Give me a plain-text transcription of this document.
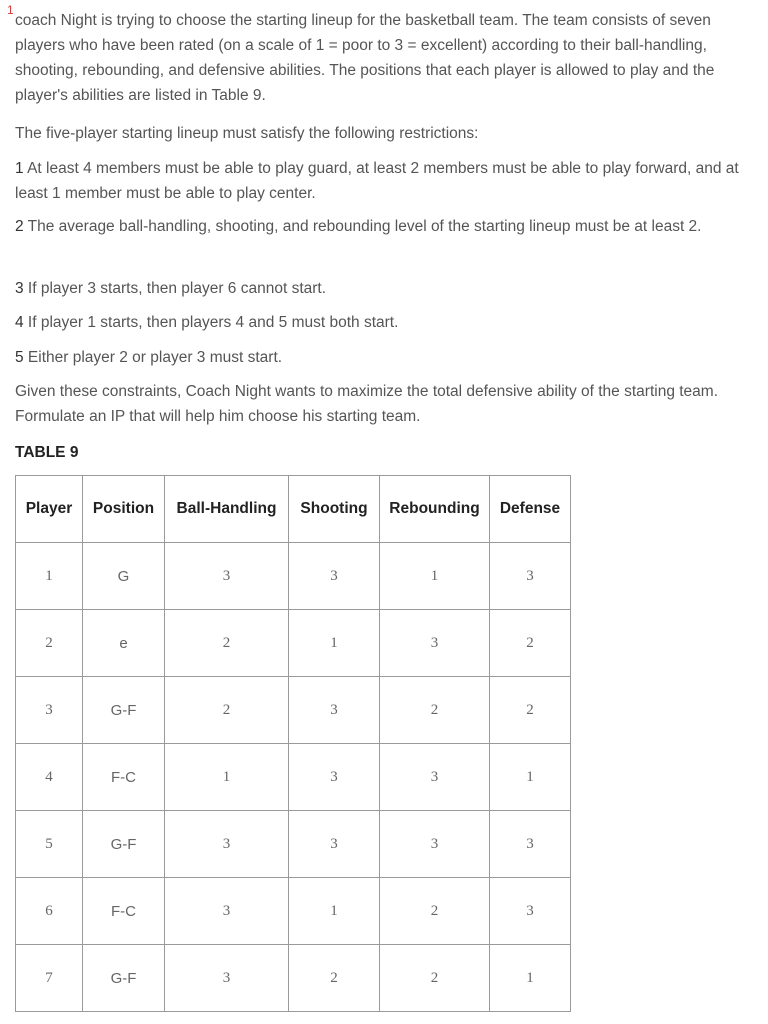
1

coach Night is trying to choose the starting lineup for the basketball team. The team consists of seven players who have been rated (on a scale of 1 = poor to 3 = excellent) according to their ball-handling, shooting, rebounding, and defensive abilities. The positions that each player is allowed to play and the player's abilities are listed in Table 9.

The five-player starting lineup must satisfy the following restrictions:

1 At least 4 members must be able to play guard, at least 2 members must be able to play forward, and at least 1 member must be able to play center.

2 The average ball-handling, shooting, and rebounding level of the starting lineup must be at least 2.

3 If player 3 starts, then player 6 cannot start.

4 If player 1 starts, then players 4 and 5 must both start.

5 Either player 2 or player 3 must start.

Given these constraints, Coach Night wants to maximize the total defensive ability of the starting team. Formulate an IP that will help him choose his starting team.

TABLE 9

Player	Position	Ball-Handling	Shooting	Rebounding	Defense
1	G	3	3	1	3
2	e	2	1	3	2
3	G-F	2	3	2	2
4	F-C	1	3	3	1
5	G-F	3	3	3	3
6	F-C	3	1	2	3
7	G-F	3	2	2	1
